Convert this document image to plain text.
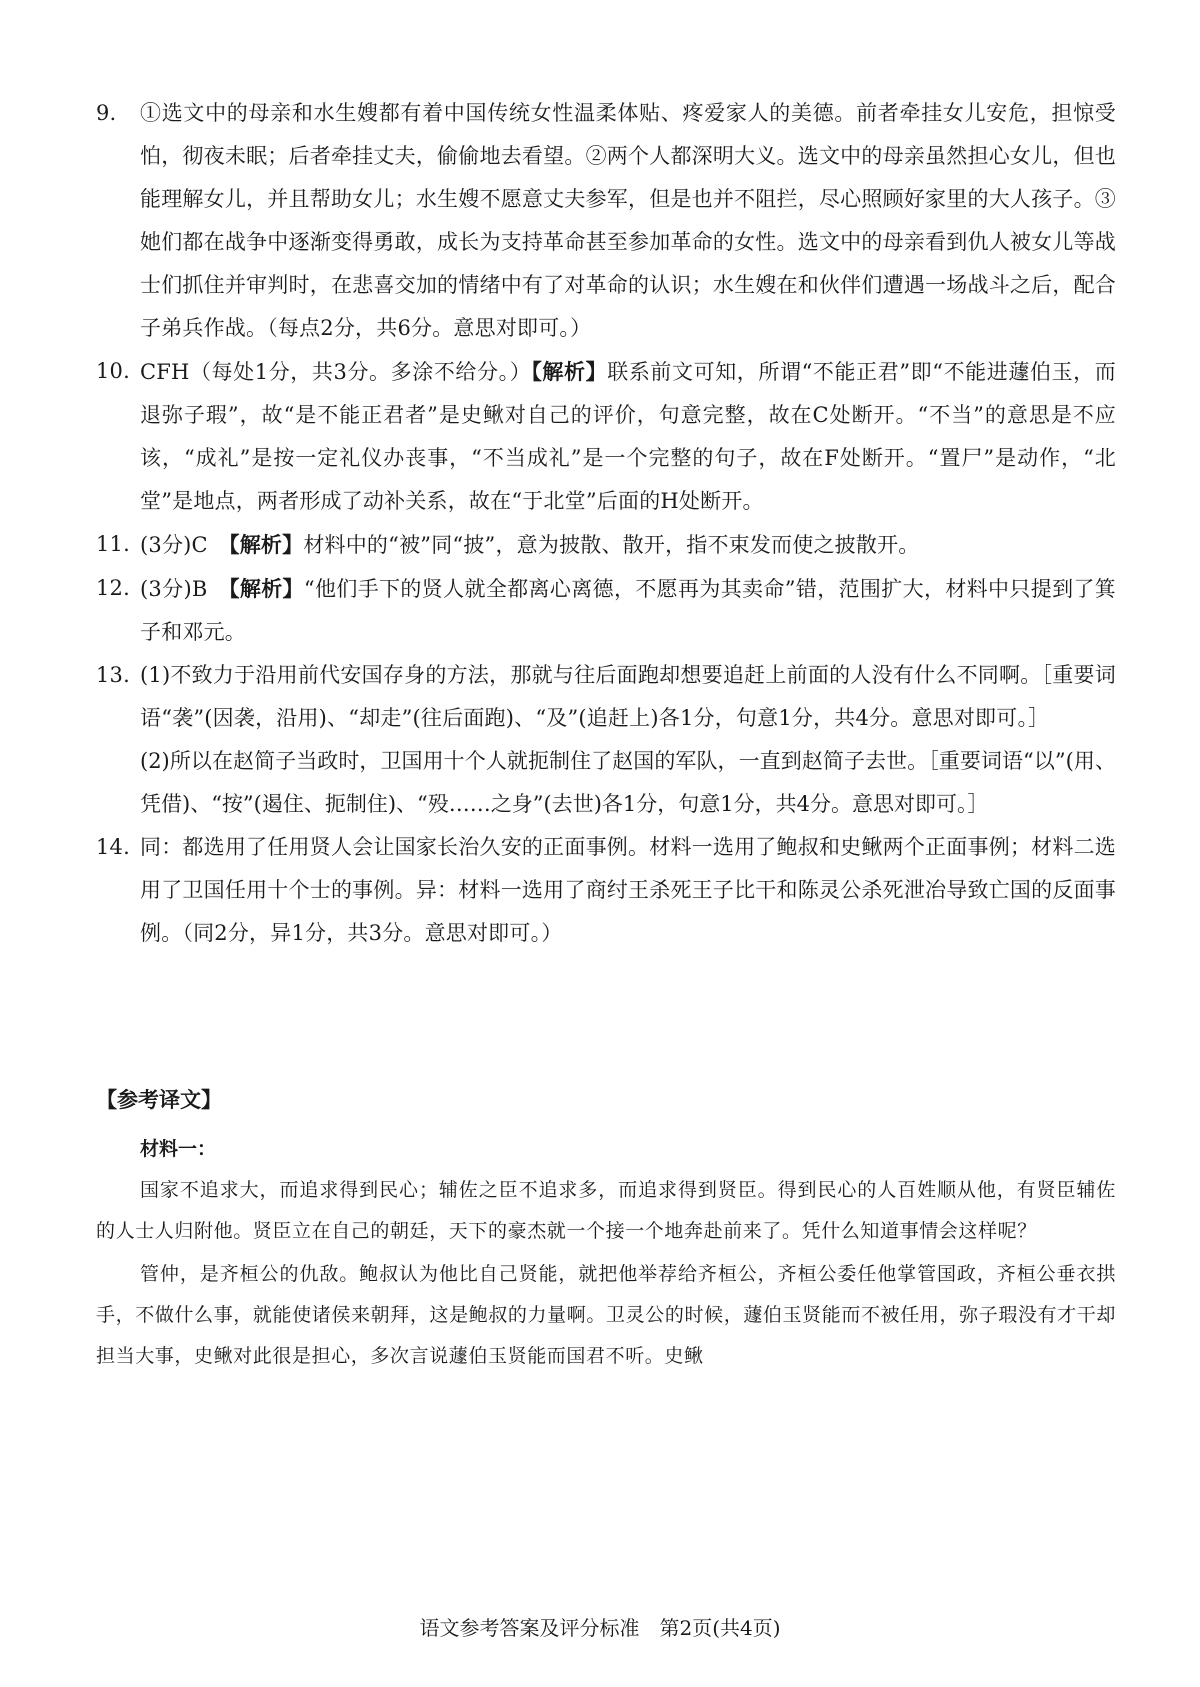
9. ①选文中的母亲和水生嫂都有着中国传统女性温柔体贴、疼爱家人的美德。前者牵挂女儿安危，担惊受怕，彻夜未眠；后者牵挂丈夫，偷偷地去看望。②两个人都深明大义。选文中的母亲虽然担心女儿，但也能理解女儿，并且帮助女儿；水生嫂不愿意丈夫参军，但是也并不阻拦，尽心照顾好家里的大人孩子。③她们都在战争中逐渐变得勇敢，成长为支持革命甚至参加革命的女性。选文中的母亲看到仇人被女儿等战士们抓住并审判时，在悲喜交加的情绪中有了对革命的认识；水生嫂在和伙伴们遭遇一场战斗之后，配合子弟兵作战。（每点2分，共6分。意思对即可。）
10. CFH（每处1分，共3分。多涂不给分。）【解析】联系前文可知，所谓“不能正君”即“不能进蘧伯玉，而退弥子瑕”，故“是不能正君者”是史鳅对自己的评价，句意完整，故在C处断开。“不当”的意思是不应该，“成礼”是按一定礼仪办丧事，“不当成礼”是一个完整的句子，故在F处断开。“置尸”是动作，“北堂”是地点，两者形成了动补关系，故在“于北堂”后面的H处断开。
11. (3分)C　【解析】材料中的“被”同“披”，意为披散、散开，指不束发而使之披散开。
12. (3分)B　【解析】“他们手下的贤人就全都离心离德，不愿再为其卖命”错，范围扩大，材料中只提到了箕子和邓元。
13. (1)不致力于沿用前代安国存身的方法，那就与往后面跑却想要追赶上前面的人没有什么不同啊。［重要词语“袭”(因袭，沿用)、“却走”(往后面跑)、“及”(追赶上)各1分，句意1分，共4分。意思对即可。］
(2)所以在赵简子当政时，卫国用十个人就扼制住了赵国的军队，一直到赵简子去世。［重要词语“以”(用、凭借)、“按”(遏住、扼制住)、“殁……之身”(去世)各1分，句意1分，共4分。意思对即可。］
14. 同：都选用了任用贤人会让国家长治久安的正面事例。材料一选用了鲍叔和史鳅两个正面事例；材料二选用了卫国任用十个士的事例。异：材料一选用了商纣王杀死王子比干和陈灵公杀死泄冶导致亡国的反面事例。（同2分，异1分，共3分。意思对即可。）
【参考译文】
材料一：
国家不追求大，而追求得到民心；辅佐之臣不追求多，而追求得到贤臣。得到民心的人百姓顺从他，有贤臣辅佐的人士人归附他。贤臣立在自己的朝廷，天下的豪杰就一个接一个地奔赴前来了。凭什么知道事情会这样呢？
管仲，是齐桓公的仇敌。鲍叔认为他比自己贤能，就把他举荐给齐桓公，齐桓公委任他掌管国政，齐桓公垂衣拱手，不做什么事，就能使诸侯来朝拜，这是鲍叔的力量啊。卫灵公的时候，蘧伯玉贤能而不被任用，弥子瑕没有才干却担当大事，史鳅对此很是担心，多次言说蘧伯玉贤能而国君不听。史鳅
语文参考答案及评分标准　第2页(共4页)
